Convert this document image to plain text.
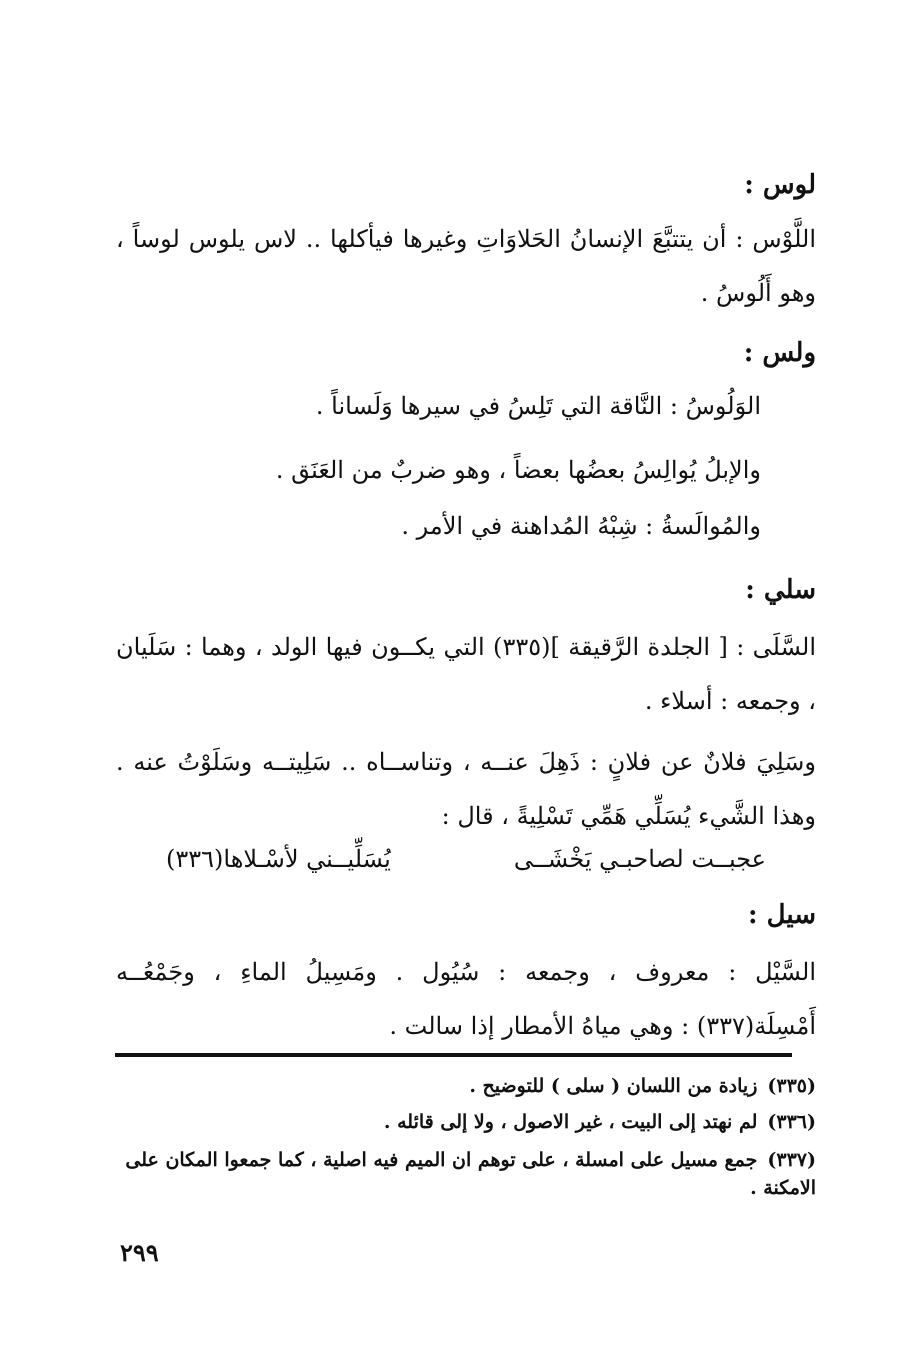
لوس :
اللَّوْس : أن يتتبَّعَ الإنسانُ الحَلاوَاتِ وغيرها فيأكلها .. لاس يلوس لوساً ، وهو أَلُوسُ .
ولس :
الوَلُوسُ : النَّاقة التي تَلِسُ في سيرها وَلَساناً .
والإبلُ يُوالِسُ بعضُها بعضاً ، وهو ضربٌ من العَنَق .
والمُوالَسةُ : شِبْهُ المُداهنة في الأمر .
سلي :
السَّلَى : [ الجلدة الرَّقيقة ](٣٣٥) التي يكــون فيها الولد ، وهما : سَلَيان ، وجمعه : أسلاء .
وسَلِيَ فلانٌ عن فلانٍ : ذَهِلَ عنــه ، وتناســاه .. سَلِيتــه وسَلَوْتُ عنه . وهذا الشَّيء يُسَلِّي هَمِّي تَسْلِيةً ، قال :
عجبــت لصاحبـي يَخْشَــى
يُسَلِّيــني لأسْـلاها(٣٣٦)
سيل :
السَّيْل : معروف ، وجمعه : سُيُول . ومَسِيلُ الماءِ ، وجَمْعُــه أَمْسِلَة(٣٣٧) : وهي مياهُ الأمطار إذا سالت .
(٣٣٥) زيادة من اللسان ( سلى ) للتوضيح .
(٣٣٦) لم نهتد إلى البيت ، غير الاصول ، ولا إلى قائله .
(٣٣٧) جمع مسيل على امسلة ، على توهم ان الميم فيه اصلية ، كما جمعوا المكان على الامكنة .
٢٩٩
